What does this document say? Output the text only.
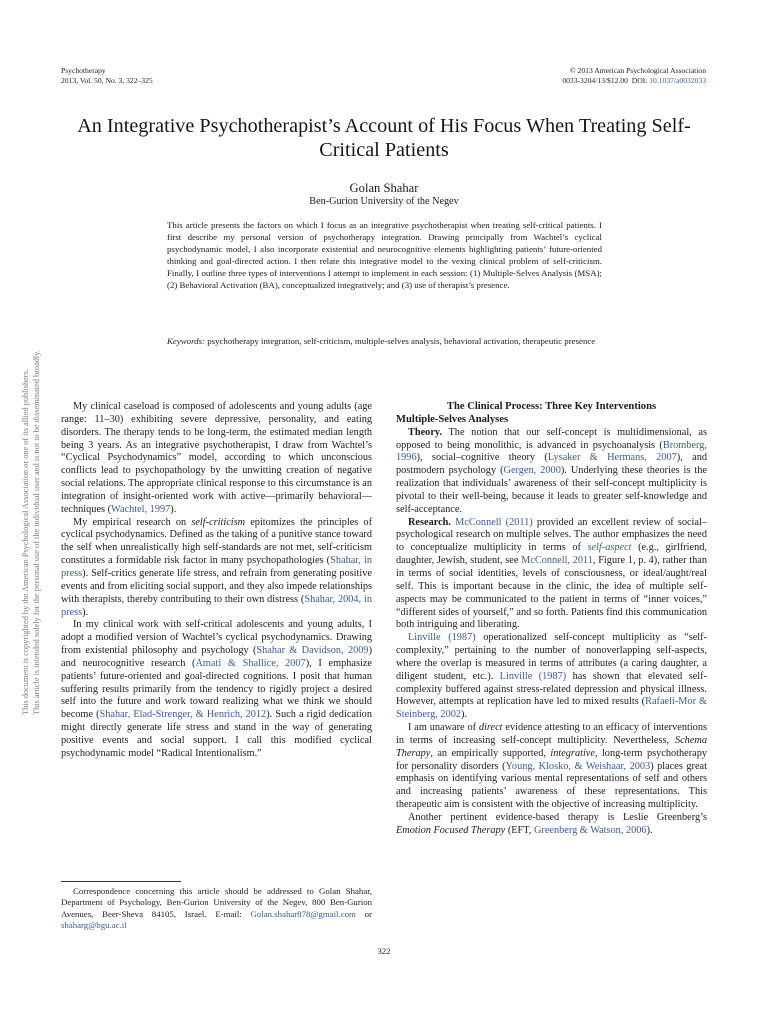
This document is copyrighted by the American Psychological Association or one of its allied publishers. This article is intended solely for the personal use of the individual user and is not to be disseminated broadly.
Psychotherapy
2013, Vol. 50, No. 3, 322–325
© 2013 American Psychological Association
0033-3204/13/$12.00 DOI: 10.1037/a0032033
An Integrative Psychotherapist’s Account of His Focus When Treating Self-Critical Patients
Golan Shahar
Ben-Gurion University of the Negev
This article presents the factors on which I focus as an integrative psychotherapist when treating self-critical patients. I first describe my personal version of psychotherapy integration. Drawing principally from Wachtel’s cyclical psychodynamic model, I also incorporate existential and neurocognitive elements highlighting patients’ future-oriented thinking and goal-directed action. I then relate this integrative model to the vexing clinical problem of self-criticism. Finally, I outline three types of interventions I attempt to implement in each session: (1) Multiple-Selves Analysis (MSA); (2) Behavioral Activation (BA), conceptualized integratively; and (3) use of therapist’s presence.
Keywords: psychotherapy integration, self-criticism, multiple-selves analysis, behavioral activation, therapeutic presence

My clinical caseload is composed of adolescents and young adults (age range: 11–30) exhibiting severe depressive, personality, and eating disorders. The therapy tends to be long-term, the estimated median length being 3 years. As an integrative psychotherapist, I draw from Wachtel’s “Cyclical Psychodynamics” model, according to which unconscious conflicts lead to psychopathology by the unwitting creation of negative social relations. The appropriate clinical response to this circumstance is an integration of insight-oriented work with active—primarily behavioral—techniques (Wachtel, 1997).

My empirical research on self-criticism epitomizes the principles of cyclical psychodynamics. Defined as the taking of a punitive stance toward the self when unrealistically high self-standards are not met, self-criticism constitutes a formidable risk factor in many psychopathologies (Shahar, in press). Self-critics generate life stress, and refrain from generating positive events and from eliciting social support, and they also impede relationships with therapists, thereby contributing to their own distress (Shahar, 2004, in press).

In my clinical work with self-critical adolescents and young adults, I adopt a modified version of Wachtel’s cyclical psychodynamics. Drawing from existential philosophy and psychology (Shahar & Davidson, 2009) and neurocognitive research (Amati & Shallice, 2007), I emphasize patients’ future-oriented and goal-directed cognitions. I posit that human suffering results primarily from the tendency to rigidly project a desired self into the future and work toward realizing what we think we should become (Shahar, Elad-Strenger, & Henrich, 2012). Such a rigid dedication might directly generate life stress and stand in the way of generating positive events and social support. I call this modified cyclical psychodynamic model “Radical Intentionalism.”

The Clinical Process: Three Key Interventions

Multiple-Selves Analyses

Theory. The notion that our self-concept is multidimensional, as opposed to being monolithic, is advanced in psychoanalysis (Bromberg, 1996), social–cognitive theory (Lysaker & Hermans, 2007), and postmodern psychology (Gergen, 2000). Underlying these theories is the realization that individuals’ awareness of their self-concept multiplicity is pivotal to their well-being, because it leads to greater self-knowledge and self-acceptance.

Research. McConnell (2011) provided an excellent review of social–psychological research on multiple selves. The author emphasizes the need to conceptualize multiplicity in terms of self-aspect (e.g., girlfriend, daughter, Jewish, student, see McConnell, 2011, Figure 1, p. 4), rather than in terms of social identities, levels of consciousness, or ideal/aught/real self. This is important because in the clinic, the idea of multiple self-aspects may be communicated to the patient in terms of “inner voices,” “different sides of yourself,” and so forth. Patients find this communication both intriguing and liberating.

Linville (1987) operationalized self-concept multiplicity as “self-complexity,” pertaining to the number of nonoverlapping self-aspects, where the overlap is measured in terms of attributes (a caring daughter, a diligent student, etc.). Linville (1987) has shown that elevated self-complexity buffered against stress-related depression and physical illness. However, attempts at replication have led to mixed results (Rafaeli-Mor & Steinberg, 2002).

I am unaware of direct evidence attesting to an efficacy of interventions in terms of increasing self-concept multiplicity. Nevertheless, Schema Therapy, an empirically supported, integrative, long-term psychotherapy for personality disorders (Young, Klosko, & Weishaar, 2003) places great emphasis on identifying various mental representations of self and others and increasing patients’ awareness of these representations. This therapeutic aim is consistent with the objective of increasing multiplicity.

Another pertinent evidence-based therapy is Leslie Greenberg’s Emotion Focused Therapy (EFT, Greenberg & Watson, 2006).

Correspondence concerning this article should be addressed to Golan Shahar, Department of Psychology, Ben-Gurion University of the Negev, 800 Ben-Gurion Avenues, Beer-Sheva 84105, Israel. E-mail: Golan.shahar878@gmail.com or shaharg@bgu.ac.il

322
